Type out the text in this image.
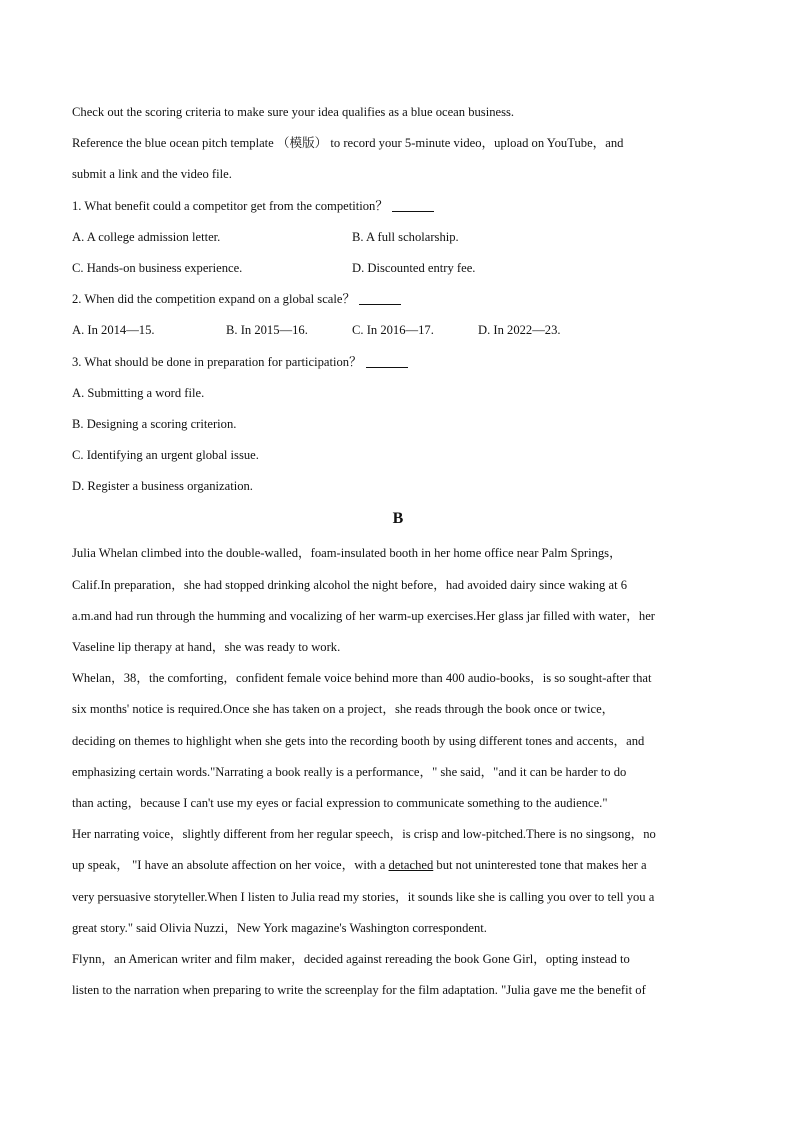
Check out the scoring criteria to make sure your idea qualifies as a blue ocean business.
Reference the blue ocean pitch template （模版） to record your 5-minute video，upload on YouTube，and
submit a link and the video file.
1. What benefit could a competitor get from the competition？
A. A college admission letter.	B. A full scholarship.
C. Hands-on business experience.	D. Discounted entry fee.
2. When did the competition expand on a global scale？
A. In 2014—15.	B. In 2015—16.	C. In 2016—17.	D. In 2022—23.
3. What should be done in preparation for participation？
A. Submitting a word file.
B. Designing a scoring criterion.
C. Identifying an urgent global issue.
D. Register a business organization.
B
Julia Whelan climbed into the double-walled，foam-insulated booth in her home office near Palm Springs，
Calif.In preparation，she had stopped drinking alcohol the night before，had avoided dairy since waking at 6
a.m.and had run through the humming and vocalizing of her warm-up exercises.Her glass jar filled with water，her
Vaseline lip therapy at hand，she was ready to work.
Whelan，38，the comforting，confident female voice behind more than 400 audio-books，is so sought-after that
six months' notice is required.Once she has taken on a project，she reads through the book once or twice，
deciding on themes to highlight when she gets into the recording booth by using different tones and accents，and
emphasizing certain words."Narrating a book really is a performance，" she said，"and it can be harder to do
than acting，because I can't use my eyes or facial expression to communicate something to the audience."
Her narrating voice，slightly different from her regular speech，is crisp and low-pitched.There is no singsong，no
up speak， "I have an absolute affection on her voice，with a detached but not uninterested tone that makes her a
very persuasive storyteller.When I listen to Julia read my stories，it sounds like she is calling you over to tell you a
great story." said Olivia Nuzzi，New York magazine's Washington correspondent.
Flynn，an American writer and film maker，decided against rereading the book Gone Girl，opting instead to
listen to the narration when preparing to write the screenplay for the film adaptation. "Julia gave me the benefit of
